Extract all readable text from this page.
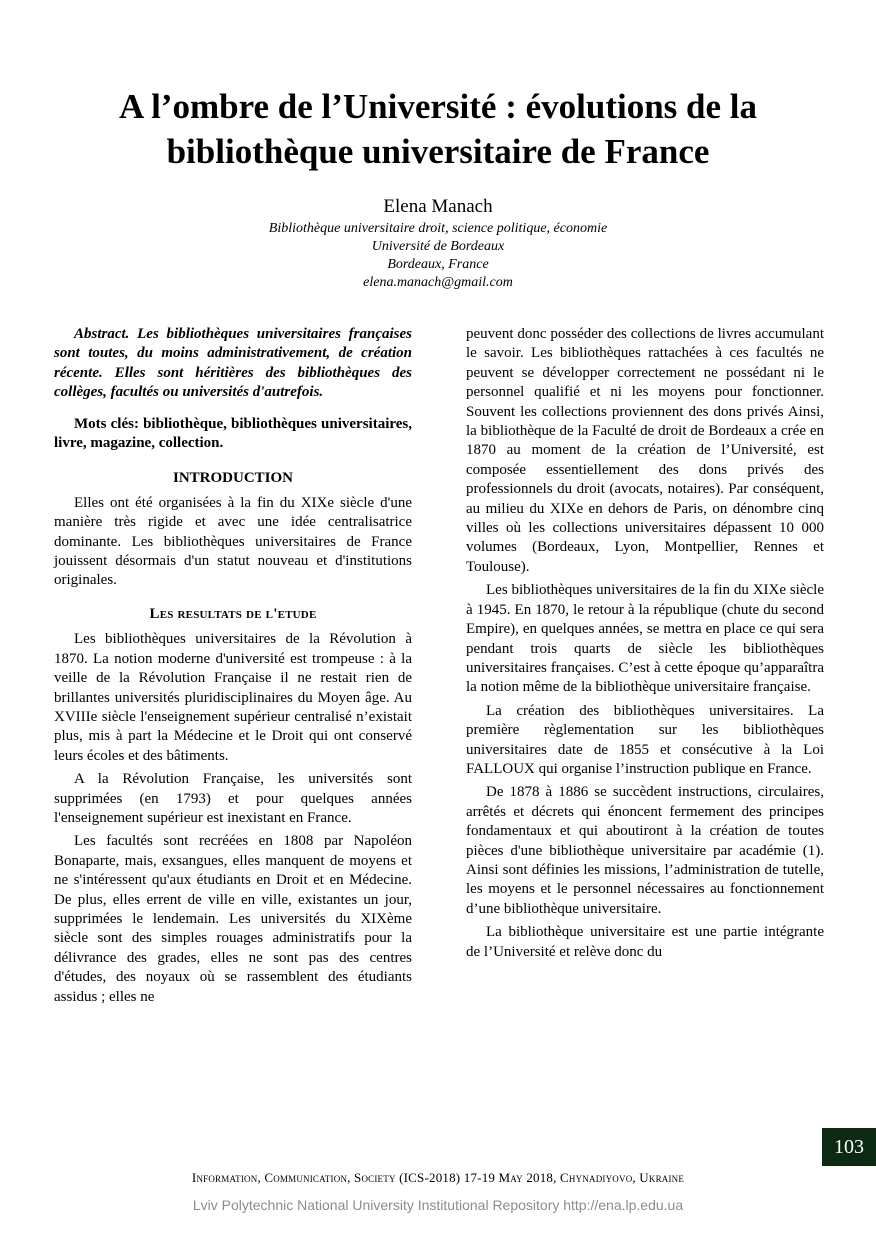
A l’ombre de l’Université : évolutions de la bibliothèque universitaire de France
Elena Manach
Bibliothèque universitaire droit, science politique, économie
Université de Bordeaux
Bordeaux, France
elena.manach@gmail.com

Abstract. Les bibliothèques universitaires françaises sont toutes, du moins administrativement, de création récente. Elles sont héritières des bibliothèques des collèges, facultés ou universités d'autrefois.

Mots clés: bibliothèque, bibliothèques universitaires, livre, magazine, collection.

INTRODUCTION

Elles ont été organisées à la fin du XIXe siècle d'une manière très rigide et avec une idée centralisatrice dominante. Les bibliothèques universitaires de France jouissent désormais d'un statut nouveau et d'institutions originales.

Les resultats de l'etude

Les bibliothèques universitaires de la Révolution à 1870. La notion moderne d'université est trompeuse : à la veille de la Révolution Française il ne restait rien de brillantes universités pluridisciplinaires du Moyen âge. Au XVIIIe siècle l'enseignement supérieur centralisé n’existait plus, mis à part la Médecine et le Droit qui ont conservé leurs écoles et des bâtiments.

A la Révolution Française, les universités sont supprimées (en 1793) et pour quelques années l'enseignement supérieur est inexistant en France.

Les facultés sont recréées en 1808 par Napoléon Bonaparte, mais, exsangues, elles manquent de moyens et ne s'intéressent qu'aux étudiants en Droit et en Médecine. De plus, elles errent de ville en ville, existantes un jour, supprimées le lendemain. Les universités du XIXème siècle sont des simples rouages administratifs pour la délivrance des grades, elles ne sont pas des centres d'études, des noyaux où se rassemblent des étudiants assidus ; elles ne

peuvent donc posséder des collections de livres accumulant le savoir. Les bibliothèques rattachées à ces facultés ne peuvent se développer correctement ne possédant ni le personnel qualifié et ni les moyens pour fonctionner. Souvent les collections proviennent des dons privés Ainsi, la bibliothèque de la Faculté de droit de Bordeaux a crée en 1870 au moment de la création de l’Université, est composée essentiellement des dons privés des professionnels du droit (avocats, notaires). Par conséquent, au milieu du XIXe en dehors de Paris, on dénombre cinq villes où les collections universitaires dépassent 10 000 volumes (Bordeaux, Lyon, Montpellier, Rennes et Toulouse).

Les bibliothèques universitaires de la fin du XIXe siècle à 1945. En 1870, le retour à la république (chute du second Empire), en quelques années, se mettra en place ce qui sera pendant trois quarts de siècle les bibliothèques universitaires françaises. C’est à cette époque qu’apparaîtra la notion même de la bibliothèque universitaire française.

La création des bibliothèques universitaires. La première règlementation sur les bibliothèques universitaires date de 1855 et consécutive à la Loi FALLOUX qui organise l’instruction publique en France.

De 1878 à 1886 se succèdent instructions, circulaires, arrêtés et décrets qui énoncent fermement des principes fondamentaux et qui aboutiront à la création de toutes pièces d'une bibliothèque universitaire par académie (1). Ainsi sont définies les missions, l’administration de tutelle, les moyens et le personnel nécessaires au fonctionnement d’une bibliothèque universitaire.

La bibliothèque universitaire est une partie intégrante de l’Université et relève donc du

103
Information, Communication, Society (ICS-2018) 17-19 May 2018, Chynadiyovo, Ukraine
Lviv Polytechnic National University Institutional Repository http://ena.lp.edu.ua
